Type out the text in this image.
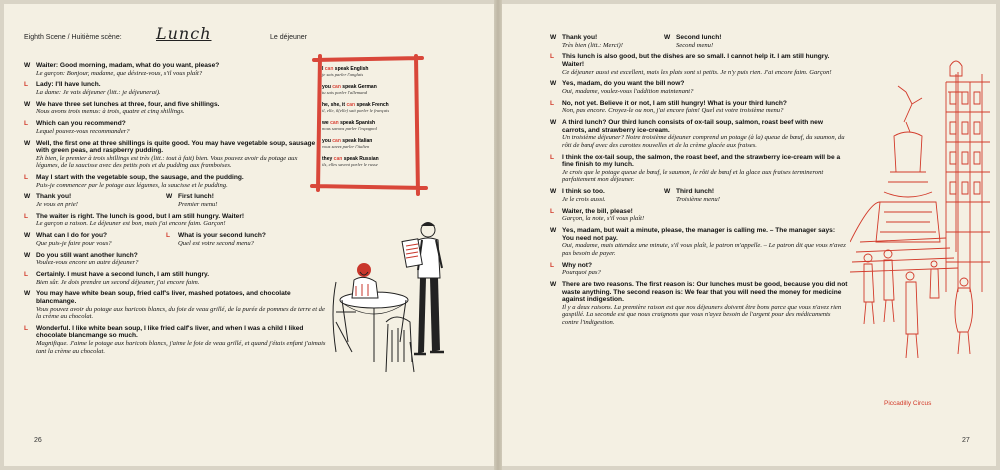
Eighth Scene / Huitième scène: Lunch	Le déjeuner
W Waiter: Good morning, madam, what do you want, please?
Le garçon: Bonjour, madame, que désirez-vous, s'il vous plaît?
L Lady: I'll have lunch.
La dame: Je vais déjeuner (litt.: je déjeunerai).
W We have three set lunches at three, four, and five shillings.
Nous avons trois menus: à trois, quatre et cinq shillings.
L Which can you recommend?
Lequel pouvez-vous recommander?
W Well, the first one at three shillings is quite good. You may have vegetable soup, sausage with green peas, and raspberry pudding.
Eh bien, le premier à trois shillings est très (litt.: tout à fait) bien. Vous pouvez avoir du potage aux légumes, de la saucisse avec des petits pois et du pudding aux framboises.
L May I start with the vegetable soup, the sausage, and the pudding.
Puis-je commencer par le potage aux légumes, la saucisse et le pudding.
W Thank you!
Je vous en prie!
W First lunch!
Premier menu!
L The waiter is right. The lunch is good, but I am still hungry. Waiter!
Le garçon a raison. Le déjeuner est bon, mais j'ai encore faim. Garçon!
W What can I do for you?
Que puis-je faire pour vous?
L What is your second lunch?
Quel est votre second menu?
W Do you still want another lunch?
Voulez-vous encore un autre déjeuner?
L Certainly. I must have a second lunch, I am still hungry.
Bien sûr. Je dois prendre un second déjeuner, j'ai encore faim.
W You may have white bean soup, fried calf's liver, mashed potatoes, and chocolate blancmange.
Vous pouvez avoir du potage aux haricots blancs, du foie de veau grillé, de la purée de pommes de terre et de la crème au chocolat.
L Wonderful. I like white bean soup, I like fried calf's liver, and when I was a child I liked chocolate blancmange so much.
Magnifique. J'aime le potage aux haricots blancs, j'aime le foie de veau grillé, et quand j'étais enfant j'aimais tant la crème au chocolat.
I can speak English
je sais parler l'anglais
you can speak German
tu sais parler l'allemand
he, she, it can speak French
il, elle, il(elle) sait parler le français
we can speak Spanish
nous savons parler l'espagnol
you can speak Italian
vous savez parler l'italien
they can speak Russian
ils, elles savent parler le russe
26
W Thank you!
Très bien (litt.: Merci)!
W Second lunch!
Second menu!
L This lunch is also good, but the dishes are so small. I cannot help it. I am still hungry. Waiter!
Ce déjeuner aussi est excellent, mais les plats sont si petits. Je n'y puis rien. J'ai encore faim. Garçon!
W Yes, madam, do you want the bill now?
Oui, madame, voulez-vous l'addition maintenant?
L No, not yet. Believe it or not, I am still hungry! What is your third lunch?
Non, pas encore. Croyez-le ou non, j'ai encore faim! Quel est votre troisième menu?
W A third lunch? Our third lunch consists of ox-tail soup, salmon, roast beef with new carrots, and strawberry ice-cream.
Un troisième déjeuner? Notre troisième déjeuner comprend un potage (à la) queue de bœuf, du saumon, du rôti de bœuf avec des carottes nouvelles et de la crème glacée aux fraises.
L I think the ox-tail soup, the salmon, the roast beef, and the strawberry ice-cream will be a fine finish to my lunch.
Je crois que le potage queue de bœuf, le saumon, le rôti de bœuf et la glace aux fraises termineront parfaitement mon déjeuner.
W I think so too.
Je le crois aussi.
W Third lunch!
Troisième menu!
L Waiter, the bill, please!
Garçon, la note, s'il vous plaît!
W Yes, madam, but wait a minute, please, the manager is calling me. – The manager says: You need not pay.
Oui, madame, mais attendez une minute, s'il vous plaît, le patron m'appelle. – Le patron dit que vous n'avez pas besoin de payer.
L Why not?
Pourquoi pas?
W There are two reasons. The first reason is: Our lunches must be good, because you did not waste anything. The second reason is: We fear that you will need the money for medicine against indigestion.
Il y a deux raisons. La première raison est que nos déjeuners doivent être bons parce que vous n'avez rien gaspillé. La seconde est que nous craignons que vous n'ayez besoin de l'argent pour des médicaments contre l'indigestion.
Piccadilly Circus
27
